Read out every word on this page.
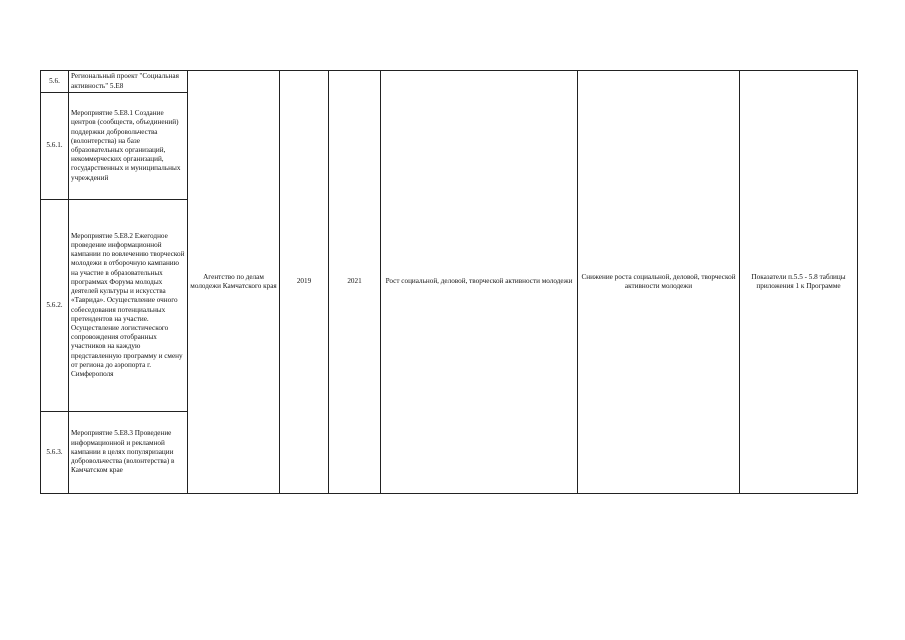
5.6.	Региональный проект "Социальная активность" 5.Е8	Агентство по делам молодежи Камчатского края	2019	2021	Рост социальной, деловой, творческой активности молодежи	Снижение роста социальной, деловой, творческой активности молодежи	Показатели п.5.5 - 5.8 таблицы приложения 1 к Программе
5.6.1.	Мероприятие 5.Е8.1 Создание центров (сообществ, объединений) поддержки добровольчества (волонтерства) на базе образовательных организаций, некоммерческих организаций, государственных и муниципальных учреждений						
5.6.2.	Мероприятие 5.Е8.2 Ежегодное проведение информационной кампании по вовлечению творческой молодежи в отборочную кампанию на участие в образовательных программах Форума молодых деятелей культуры и искусства «Таврида». Осуществление очного собеседования потенциальных претендентов на участие. Осуществление логистического сопровождения отобранных участников на каждую представленную программу и смену от региона до аэропорта г. Симферополя						
5.6.3.	Мероприятие 5.Е8.3 Проведение информационной и рекламной кампании в целях популяризации добровольчества (волонтерства) в Камчатском крае						
